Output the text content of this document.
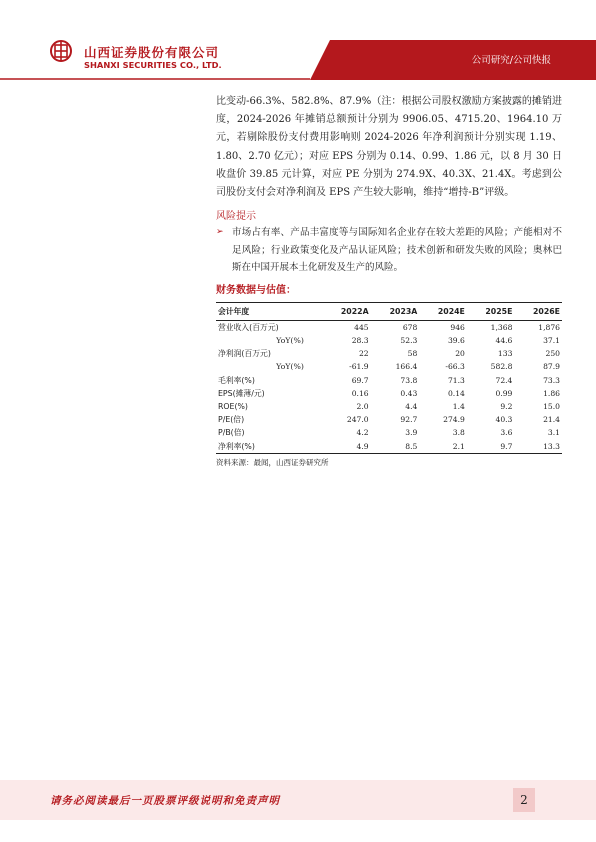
山西证券股份有限公司
SHANXI SECURITIES CO., LTD.	公司研究/公司快报

比变动-66.3%、582.8%、87.9%（注：根据公司股权激励方案披露的摊销进度，2024-2026 年摊销总额预计分别为 9906.05、4715.20、1964.10 万元，若剔除股份支付费用影响则 2024-2026 年净利润预计分别实现 1.19、1.80、2.70 亿元）；对应 EPS 分别为 0.14、0.99、1.86 元，以 8 月 30 日收盘价 39.85 元计算，对应 PE 分别为 274.9X、40.3X、21.4X。考虑到公司股份支付会对净利润及 EPS 产生较大影响，维持“增持-B”评级。

风险提示
➢ 市场占有率、产品丰富度等与国际知名企业存在较大差距的风险；产能相对不足风险；行业政策变化及产品认证风险；技术创新和研发失败的风险；奥林巴斯在中国开展本土化研发及生产的风险。
财务数据与估值：
会计年度	2022A	2023A	2024E	2025E	2026E
营业收入(百万元)	445	678	946	1,368	1,876
YoY(%)	28.3	52.3	39.6	44.6	37.1
净利润(百万元)	22	58	20	133	250
YoY(%)	-61.9	166.4	-66.3	582.8	87.9
毛利率(%)	69.7	73.8	71.3	72.4	73.3
EPS(摊薄/元)	0.16	0.43	0.14	0.99	1.86
ROE(%)	2.0	4.4	1.4	9.2	15.0
P/E(倍)	247.0	92.7	274.9	40.3	21.4
P/B(倍)	4.2	3.9	3.8	3.6	3.1
净利率(%)	4.9	8.5	2.1	9.7	13.3
资料来源：最闻，山西证券研究所
请务必阅读最后一页股票评级说明和免责声明	2
